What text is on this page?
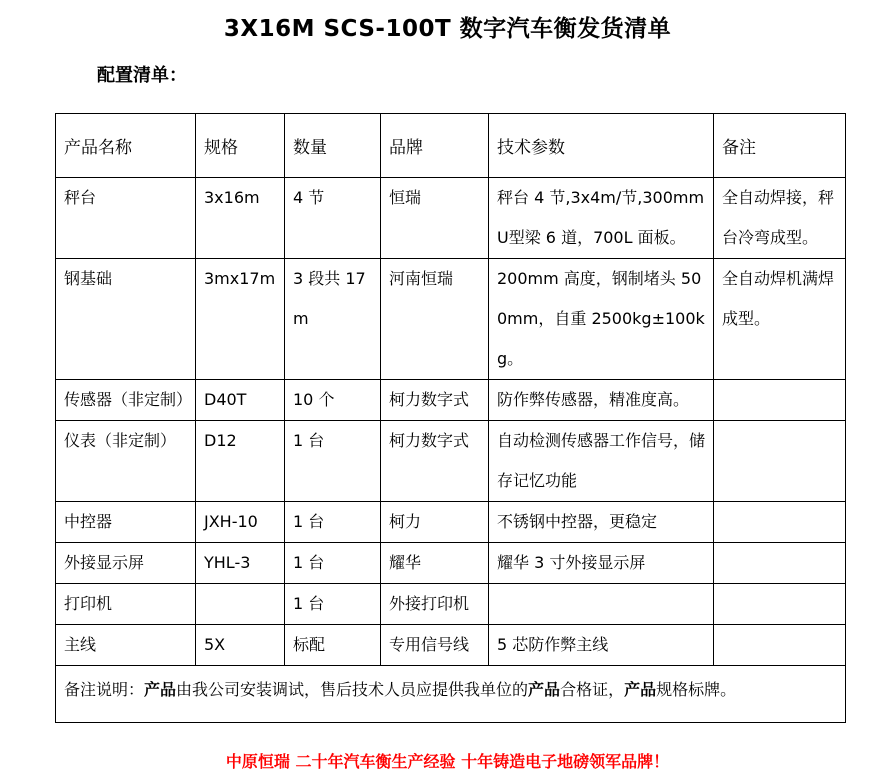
3X16M SCS-100T 数字汽车衡发货清单
配置清单：
产品名称	规格	数量	品牌	技术参数	备注
秤台	3x16m	4 节	恒瑞	秤台 4 节,3x4m/节,300mmU型梁 6 道，700L 面板。	全自动焊接，秤台冷弯成型。
钢基础	3mx17m	3 段共 17m	河南恒瑞	200mm 高度，钢制堵头 500mm，自重 2500kg±100kg。	全自动焊机满焊成型。
传感器（非定制）	D40T	10 个	柯力数字式	防作弊传感器，精准度高。	
仪表（非定制）	D12	1 台	柯力数字式	自动检测传感器工作信号，储存记忆功能	
中控器	JXH-10	1 台	柯力	不锈钢中控器，更稳定	
外接显示屏	YHL-3	1 台	耀华	耀华 3 寸外接显示屏	
打印机		1 台	外接打印机		
主线	5X	标配	专用信号线	5 芯防作弊主线	
备注说明：产品由我公司安装调试，售后技术人员应提供我单位的产品合格证，产品规格标牌。					
中原恒瑞 二十年汽车衡生产经验 十年铸造电子地磅领军品牌！
